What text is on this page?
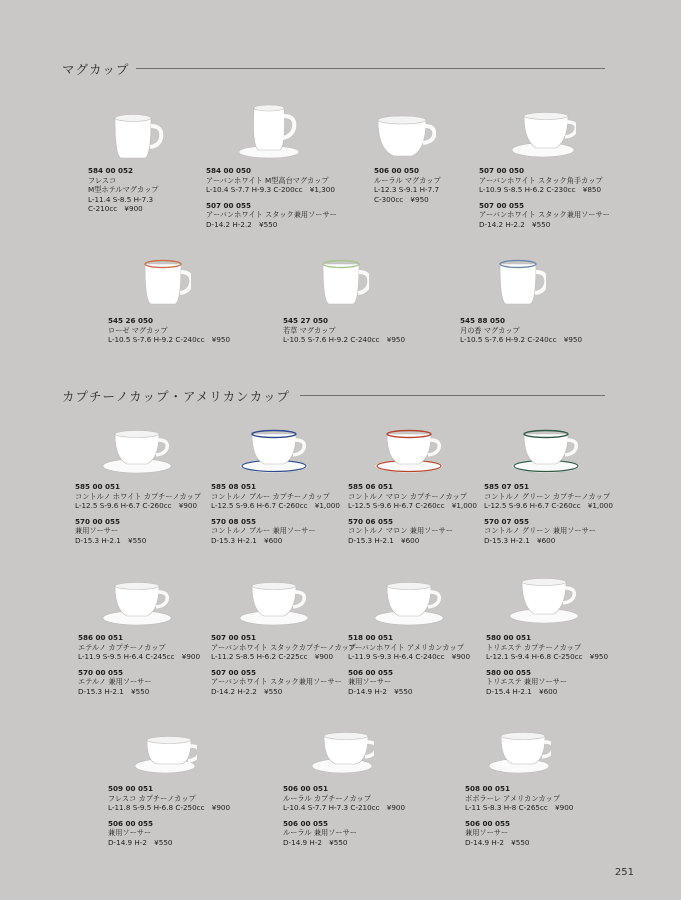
マグカップ
カプチーノカップ・アメリカンカップ
584 00 052
フレスコ
M型ホテルマグカップ
L-11.4 S-8.5 H-7.3
C-210cc　¥900
584 00 050
アーバンホワイト M型高台マグカップ
L-10.4 S-7.7 H-9.3 C-200cc　¥1,300
507 00 055
アーバンホワイト スタック兼用ソーサー
D-14.2 H-2.2　¥550
506 00 050
ルーラル マグカップ
L-12.3 S-9.1 H-7.7
C-300cc　¥950
507 00 050
アーバンホワイト スタック角手カップ
L-10.9 S-8.5 H-6.2 C-230cc　¥850
507 00 055
アーバンホワイト スタック兼用ソーサー
D-14.2 H-2.2　¥550
545 26 050
ローゼ マグカップ
L-10.5 S-7.6 H-9.2 C-240cc　¥950
545 27 050
若草 マグカップ
L-10.5 S-7.6 H-9.2 C-240cc　¥950
545 88 050
月の香 マグカップ
L-10.5 S-7.6 H-9.2 C-240cc　¥950
585 00 051
コントルノ ホワイト カプチーノカップ
L-12.5 S-9.6 H-6.7 C-260cc　¥900
570 00 055
兼用ソーサー
D-15.3 H-2.1　¥550
585 08 051
コントルノ ブルー カプチーノカップ
L-12.5 S-9.6 H-6.7 C-260cc　¥1,000
570 08 055
コントルノ ブルー 兼用ソーサー
D-15.3 H-2.1　¥600
585 06 051
コントルノ マロン カプチーノカップ
L-12.5 S-9.6 H-6.7 C-260cc　¥1,000
570 06 055
コントルノ マロン 兼用ソーサー
D-15.3 H-2.1　¥600
585 07 051
コントルノ グリーン カプチーノカップ
L-12.5 S-9.6 H-6.7 C-260cc　¥1,000
570 07 055
コントルノ グリーン 兼用ソーサー
D-15.3 H-2.1　¥600
586 00 051
エテルノ カプチーノカップ
L-11.9 S-9.5 H-6.4 C-245cc　¥900
570 00 055
エテルノ 兼用ソーサー
D-15.3 H-2.1　¥550
507 00 051
アーバンホワイト スタックカプチーノカップ
L-11.2 S-8.5 H-6.2 C-225cc　¥900
507 00 055
アーバンホワイト スタック兼用ソーサー
D-14.2 H-2.2　¥550
518 00 051
アーバンホワイト アメリカンカップ
L-11.9 S-9.3 H-6.4 C-240cc　¥900
506 00 055
兼用ソーサー
D-14.9 H-2　¥550
580 00 051
トリエステ カプチーノカップ
L-12.1 S-9.4 H-6.8 C-250cc　¥950
580 00 055
トリエステ 兼用ソーサー
D-15.4 H-2.1　¥600
509 00 051
フレスコ カプチーノカップ
L-11.8 S-9.5 H-6.8 C-250cc　¥900
506 00 055
兼用ソーサー
D-14.9 H-2　¥550
506 00 051
ルーラル カプチーノカップ
L-10.4 S-7.7 H-7.3 C-210cc　¥900
506 00 055
ルーラル 兼用ソーサー
D-14.9 H-2　¥550
508 00 051
ボボラーレ アメリカンカップ
L-11 S-8.3 H-8 C-265cc　¥900
506 00 055
兼用ソーサー
D-14.9 H-2　¥550
251
